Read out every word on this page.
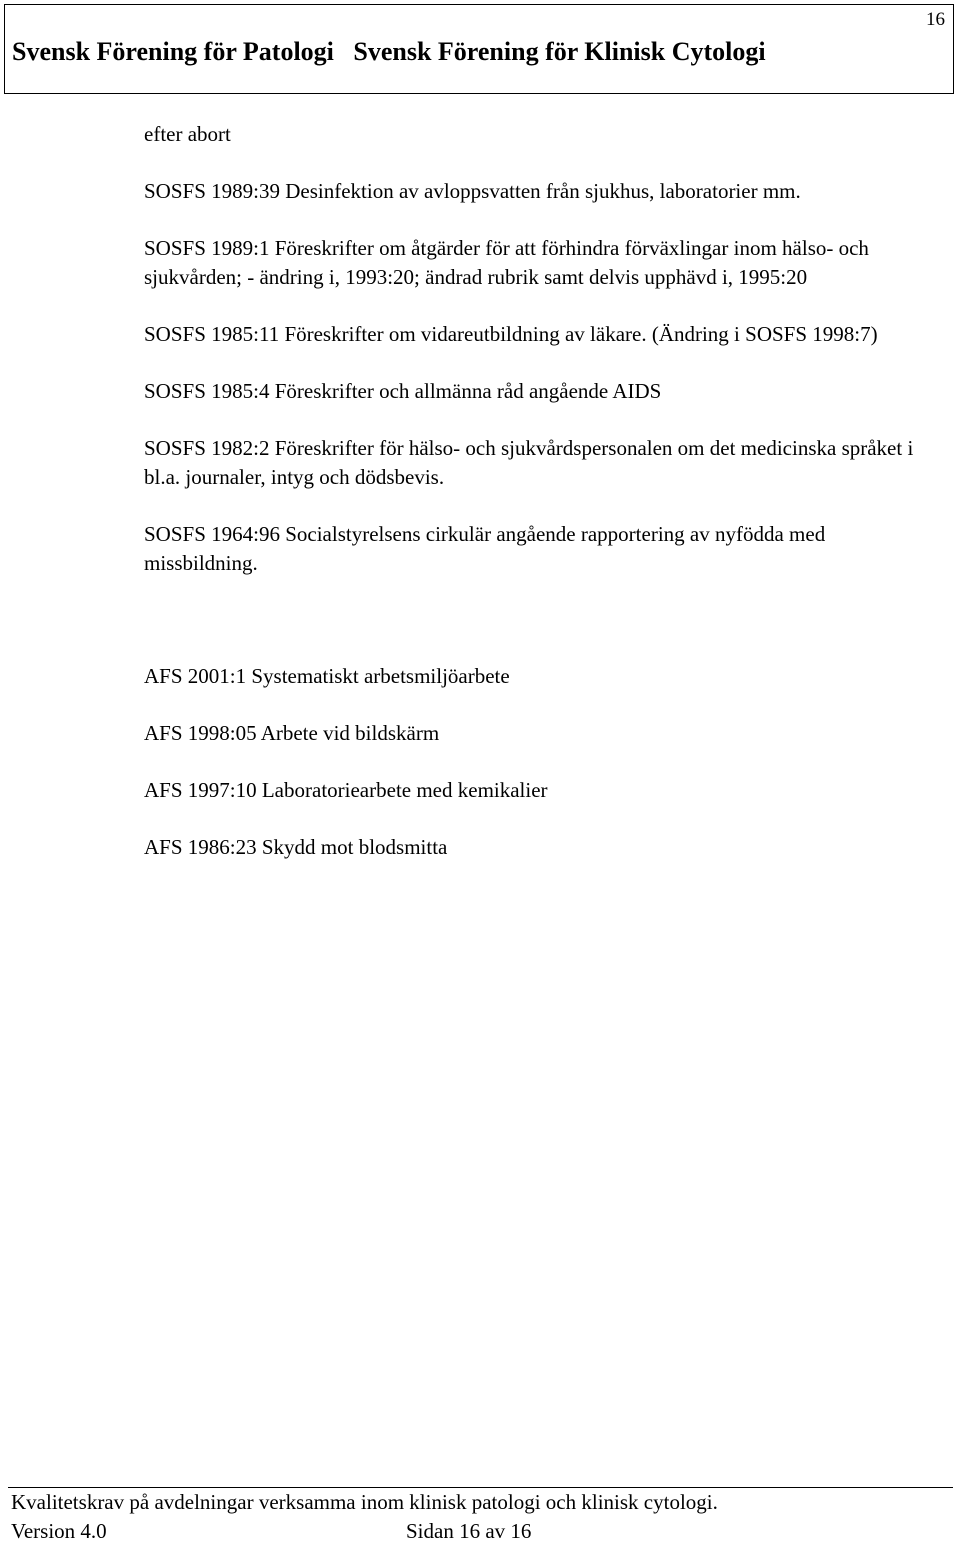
16
Svensk Förening för Patologi   Svensk Förening för Klinisk Cytologi

efter abort

SOSFS 1989:39 Desinfektion av avloppsvatten från sjukhus, laboratorier mm.

SOSFS 1989:1 Föreskrifter om åtgärder för att förhindra förväxlingar inom hälso- och sjukvården; - ändring i, 1993:20; ändrad rubrik samt delvis upphävd i, 1995:20

SOSFS 1985:11 Föreskrifter om vidareutbildning av läkare. (Ändring i SOSFS 1998:7)

SOSFS 1985:4 Föreskrifter och allmänna råd angående AIDS

SOSFS 1982:2 Föreskrifter för hälso- och sjukvårdspersonalen om det medicinska språket i bl.a. journaler, intyg och dödsbevis.

SOSFS 1964:96 Socialstyrelsens cirkulär angående rapportering av nyfödda med missbildning.

AFS 2001:1 Systematiskt arbetsmiljöarbete

AFS 1998:05 Arbete vid bildskärm

AFS 1997:10 Laboratoriearbete med kemikalier

AFS 1986:23 Skydd mot blodsmitta

Kvalitetskrav på avdelningar verksamma inom klinisk patologi och klinisk cytologi.
Version 4.0	Sidan 16 av 16
